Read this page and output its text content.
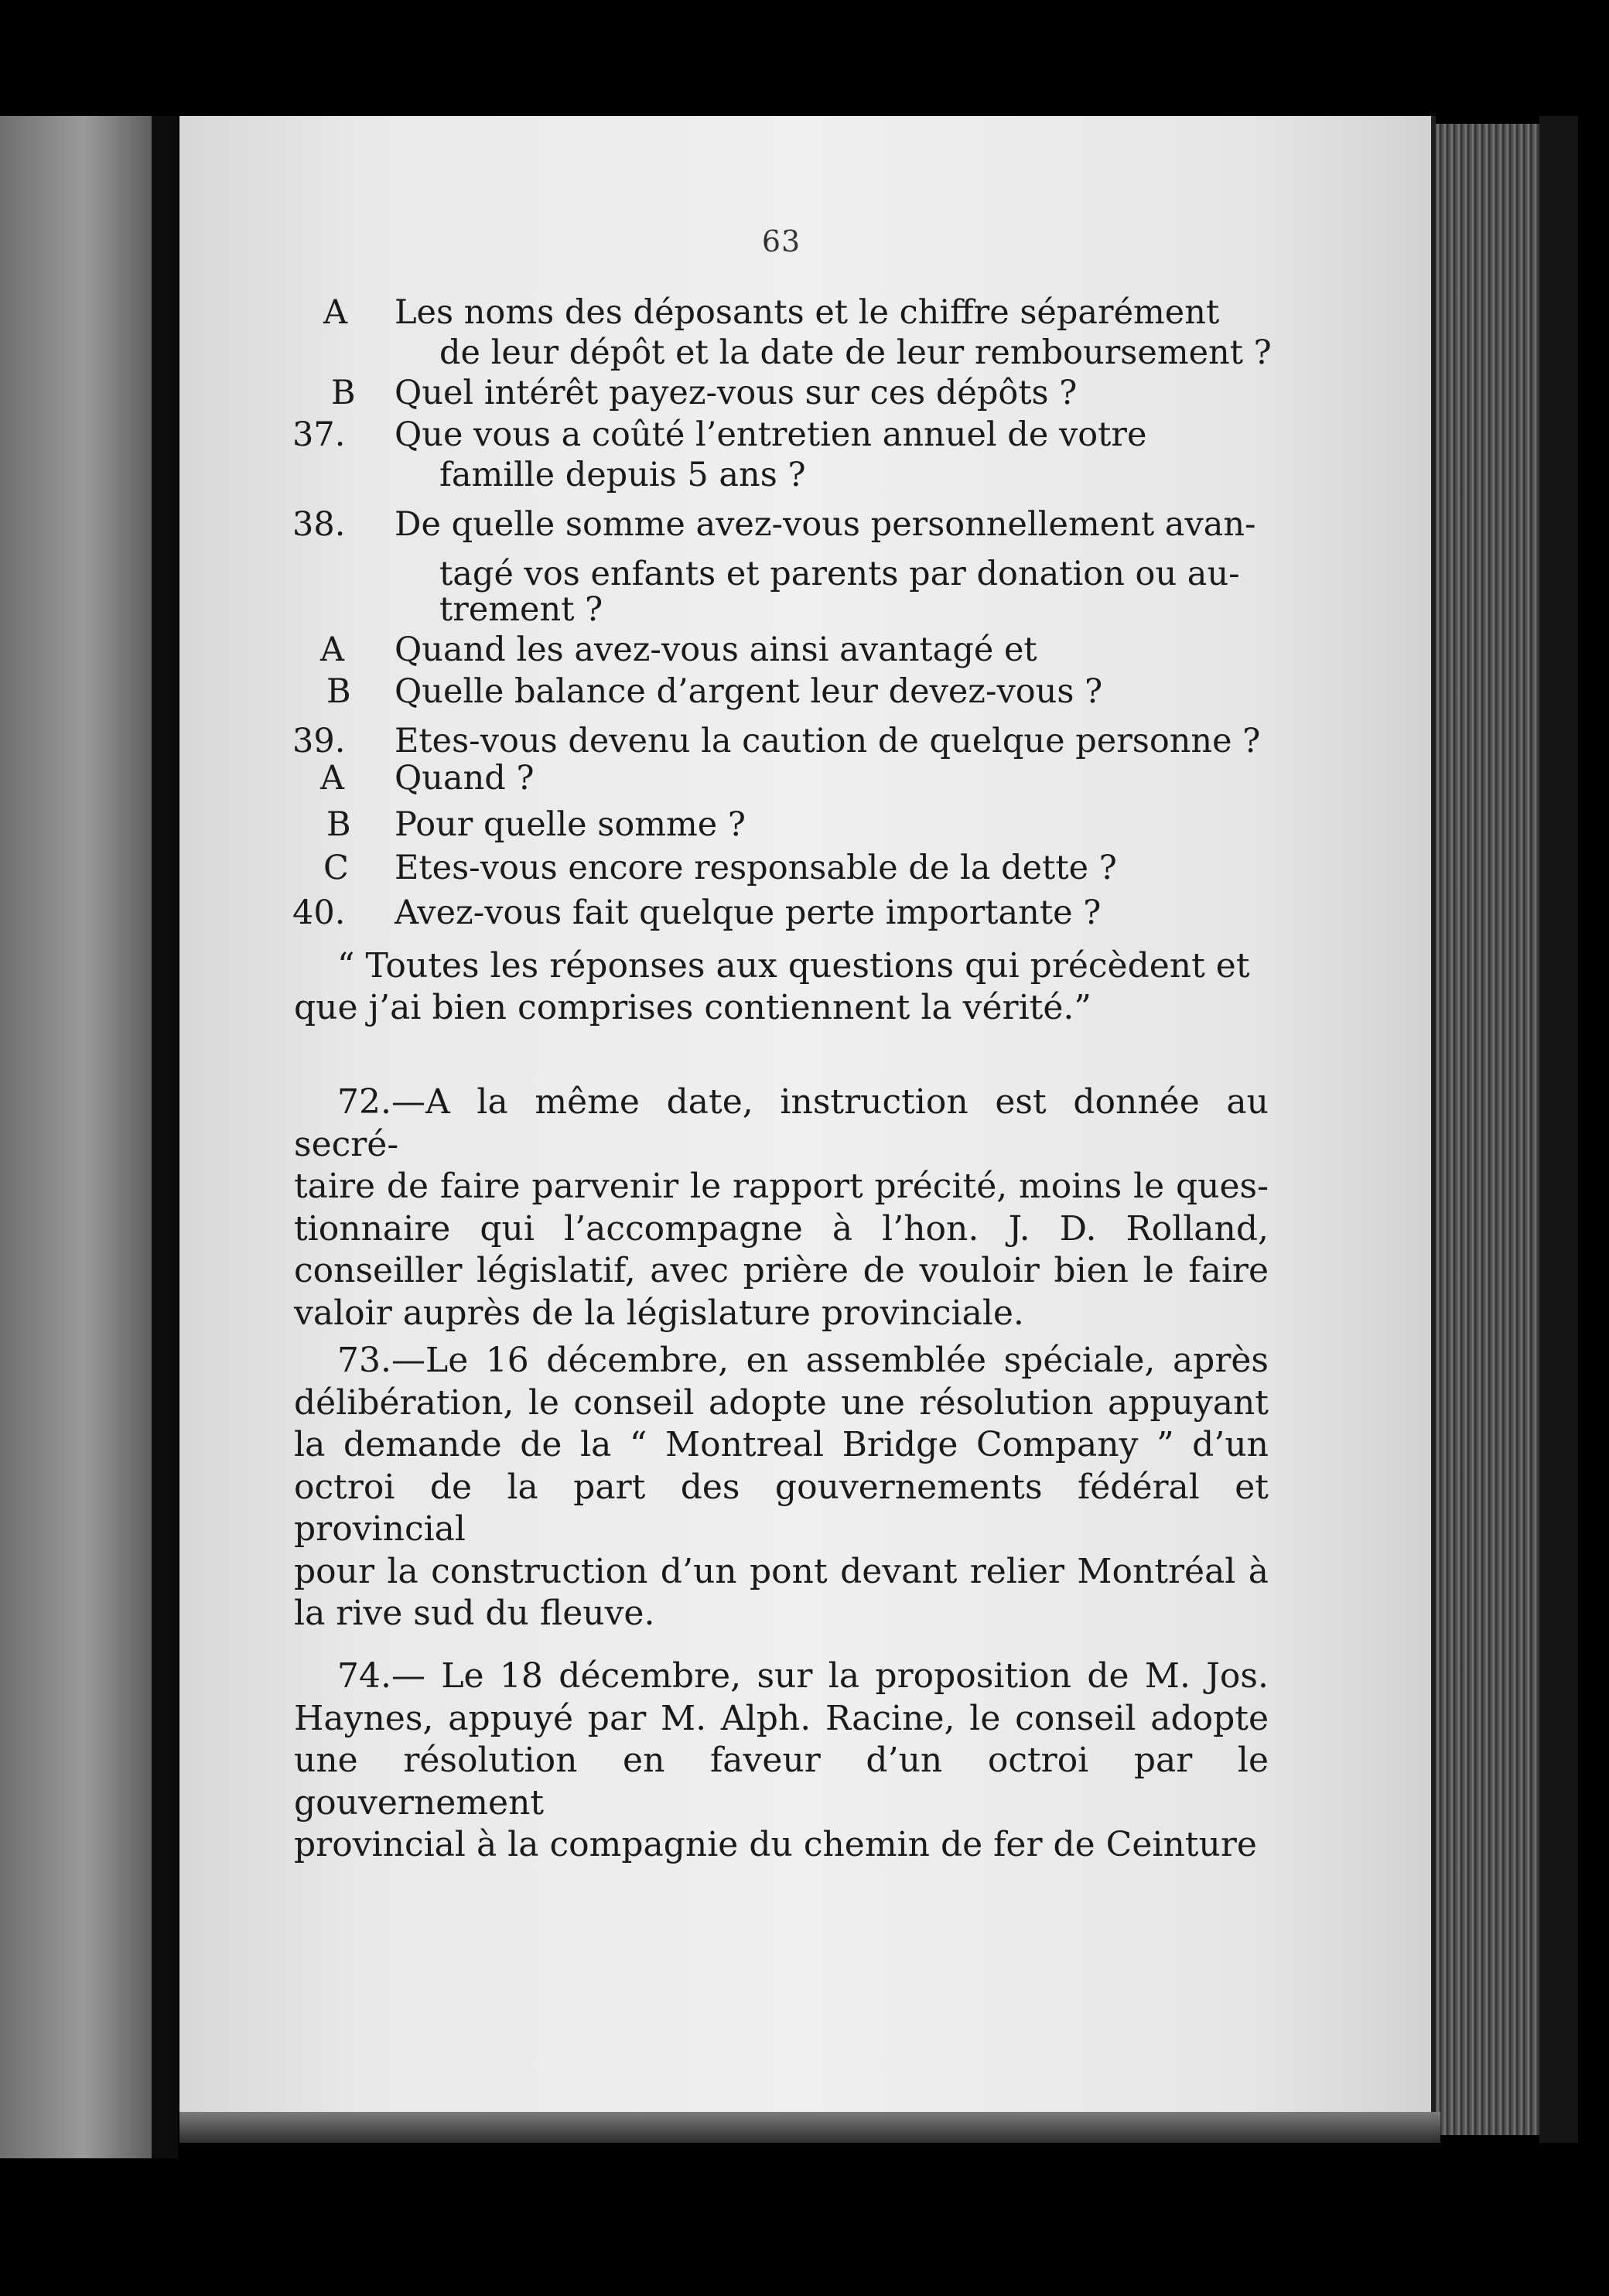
63
A Les noms des déposants et le chiffre séparément
de leur dépôt et la date de leur remboursement ?
B Quel intérêt payez-vous sur ces dépôts ?
37. Que vous a coûté l’entretien annuel de votre
famille depuis 5 ans ?
38. De quelle somme avez-vous personnellement avan-
tagé vos enfants et parents par donation ou au-
trement ?
A Quand les avez-vous ainsi avantagé et
B Quelle balance d’argent leur devez-vous ?
39. Etes-vous devenu la caution de quelque personne ?
A Quand ?
B Pour quelle somme ?
C Etes-vous encore responsable de la dette ?
40. Avez-vous fait quelque perte importante ?

“ Toutes les réponses aux questions qui précèdent et

que j’ai bien comprises contiennent la vérité.”

72.—A la même date, instruction est donnée au secré-

taire de faire parvenir le rapport précité, moins le ques-

tionnaire qui l’accompagne à l’hon. J. D. Rolland,

conseiller législatif, avec prière de vouloir bien le faire

valoir auprès de la législature provinciale.

73.—Le 16 décembre, en assemblée spéciale, après

délibération, le conseil adopte une résolution appuyant

la demande de la “ Montreal Bridge Company ” d’un

octroi de la part des gouvernements fédéral et provincial

pour la construction d’un pont devant relier Montréal à

la rive sud du fleuve.

74.— Le 18 décembre, sur la proposition de M. Jos.

Haynes, appuyé par M. Alph. Racine, le conseil adopte

une résolution en faveur d’un octroi par le gouvernement

provincial à la compagnie du chemin de fer de Ceinture
